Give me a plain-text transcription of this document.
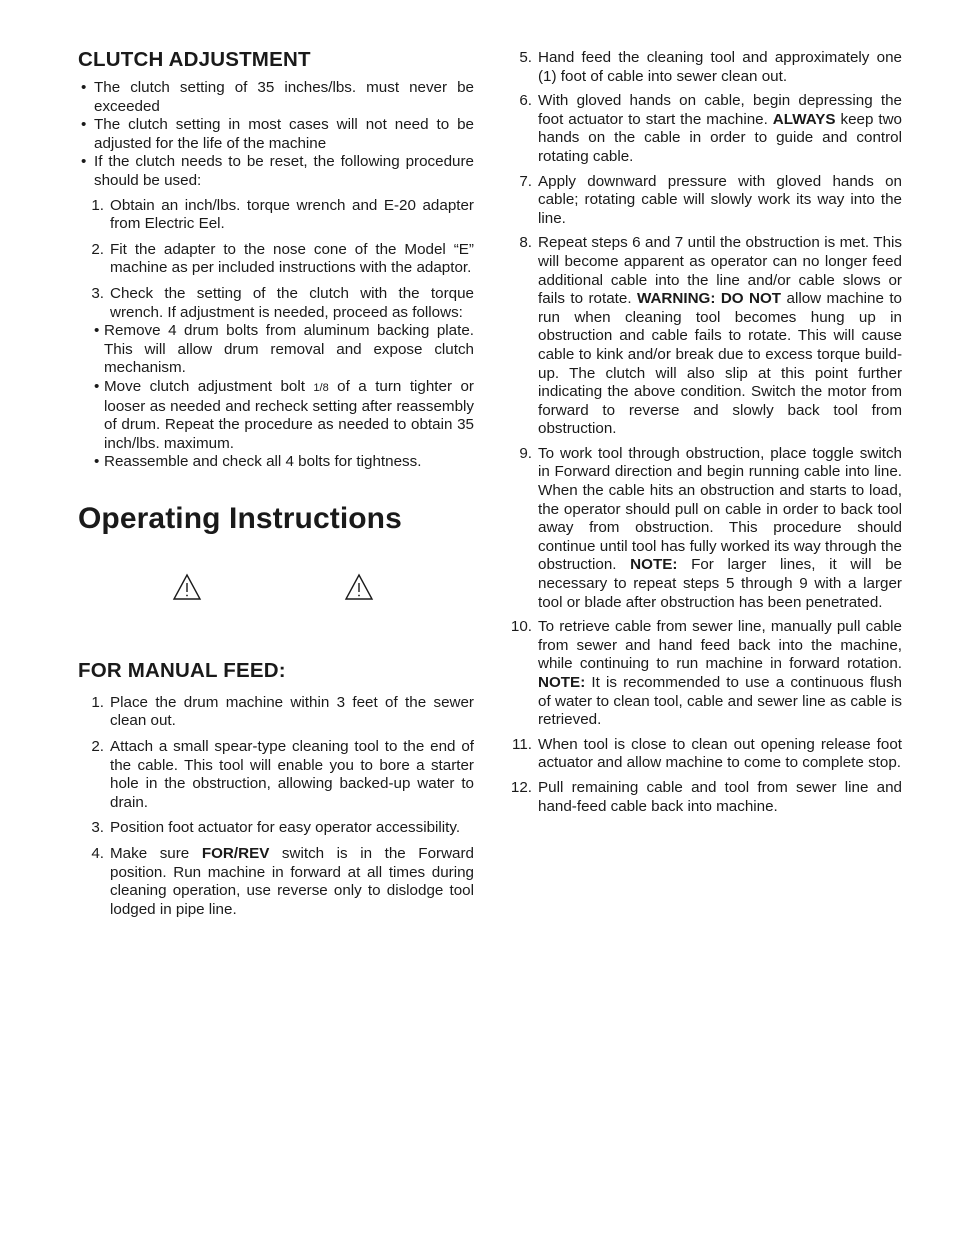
CLUTCH ADJUSTMENT
• The clutch setting of 35 inches/lbs. must never be exceeded
• The clutch setting in most cases will not need to be adjusted for the life of the machine
• If the clutch needs to be reset, the following procedure should be used:
1. Obtain an inch/lbs. torque wrench and E-20 adapter from Electric Eel.
2. Fit the adapter to the nose cone of the Model “E” machine as per included instructions with the adaptor.
3. Check the setting of the clutch with the torque wrench. If adjustment is needed, proceed as follows:
• Remove 4 drum bolts from aluminum backing plate. This will allow drum removal and expose clutch mechanism.
• Move clutch adjustment bolt 1/8 of a turn tighter or looser as needed and recheck setting after reassembly of drum. Repeat the procedure as needed to obtain 35 inch/lbs. maximum.
• Reassemble and check all 4 bolts for tightness.
Operating Instructions
FOR MANUAL FEED:
1. Place the drum machine within 3 feet of the sewer clean out.
2. Attach a small spear-type cleaning tool to the end of the cable. This tool will enable you to bore a starter hole in the obstruction, allowing backed-up water to drain.
3. Position foot actuator for easy operator accessibility.
4. Make sure FOR/REV switch is in the Forward position. Run machine in forward at all times during cleaning operation, use reverse only to dislodge tool lodged in pipe line.
5. Hand feed the cleaning tool and approximately one (1) foot of cable into sewer clean out.
6. With gloved hands on cable, begin depressing the foot actuator to start the machine. ALWAYS keep two hands on the cable in order to guide and control rotating cable.
7. Apply downward pressure with gloved hands on cable; rotating cable will slowly work its way into the line.
8. Repeat steps 6 and 7 until the obstruction is met. This will become apparent as operator can no longer feed additional cable into the line and/or cable slows or fails to rotate. WARNING: DO NOT allow machine to run when cleaning tool becomes hung up in obstruction and cable fails to rotate. This will cause cable to kink and/or break due to excess torque build-up. The clutch will also slip at this point further indicating the above condition. Switch the motor from forward to reverse and slowly back tool from obstruction.
9. To work tool through obstruction, place toggle switch in Forward direction and begin running cable into line. When the cable hits an obstruction and starts to load, the operator should pull on cable in order to back tool away from obstruction. This procedure should continue until tool has fully worked its way through the obstruction. NOTE: For larger lines, it will be necessary to repeat steps 5 through 9 with a larger tool or blade after obstruction has been penetrated.
10. To retrieve cable from sewer line, manually pull cable from sewer and hand feed back into the machine, while continuing to run machine in forward rotation. NOTE: It is recommended to use a continuous flush of water to clean tool, cable and sewer line as cable is retrieved.
11. When tool is close to clean out opening release foot actuator and allow machine to come to complete stop.
12. Pull remaining cable and tool from sewer line and hand-feed cable back into machine.
